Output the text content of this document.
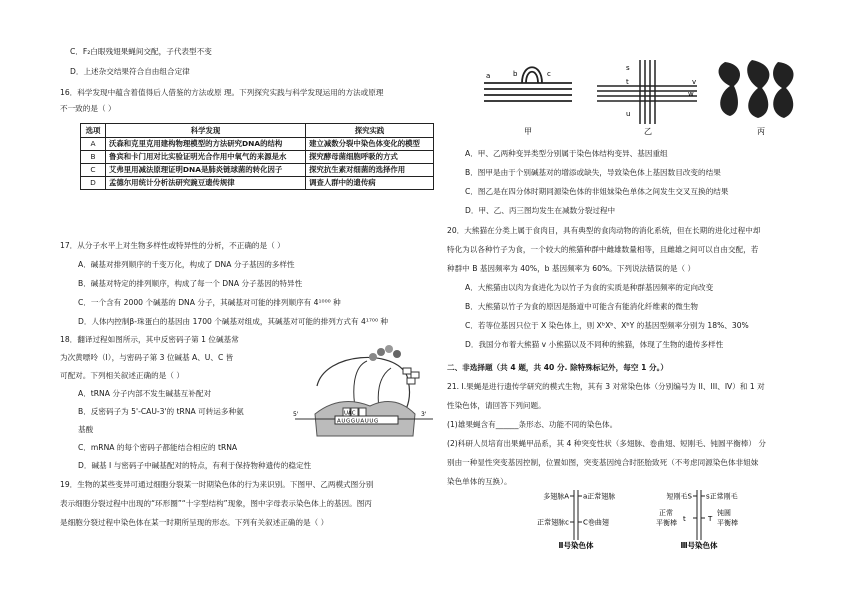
C．F₂白眼残翅果蝇间交配，子代表型不变
D．上述杂交结果符合自由组合定律
16．科学发现中蕴含着值得后人借鉴的方法或原 理。下列探究实践与科学发现运用的方法或原理
不一致的是（ ）
选项	科学发现	探究实践
A	沃森和克里克用建构物理模型的方法研究DNA的结构	建立减数分裂中染色体变化的模型
B	鲁宾和卡门用对比实验证明光合作用中氧气的来源是水	探究酵母菌细胞呼吸的方式
C	艾弗里用减法原理证明DNA是肺炎链球菌的转化因子	探究抗生素对细菌的选择作用
D	孟德尔用统计分析法研究豌豆遗传规律	调查人群中的遗传病
17．从分子水平上对生物多样性或特异性的分析，不正确的是（ ）
A．碱基对排列顺序的千变万化，构成了 DNA 分子基因的多样性
B．碱基对特定的排列顺序，构成了每一个 DNA 分子基因的特异性
C．一个含有 2000 个碱基的 DNA 分子，其碱基对可能的排列顺序有 4¹⁰⁰⁰ 种
D．人体内控制β-珠蛋白的基因由 1700 个碱基对组成，其碱基对可能的排列方式有 4¹⁷⁰⁰ 种
18．翻译过程如图所示，其中反密码子第 1 位碱基常
为次黄嘌呤（I），与密码子第 3 位碱基 A、U、C 皆
可配对。下列相关叙述正确的是（ ）
A．tRNA 分子内部不发生碱基互补配对
B．反密码子为 5'-CAU-3'的 tRNA 可转运多种氨
基酸
C．mRNA 的每个密码子都能结合相应的 tRNA
D．碱基 I 与密码子中碱基配对的特点，有利于保持物种遗传的稳定性
19．生物的某些变异可通过细胞分裂某一时期染色体的行为来识别。下图甲、乙两模式图分别
表示细胞分裂过程中出现的“环形圈”“十字型结构”现象，图中字母表示染色体上的基因。图丙
是细胞分裂过程中染色体在某一时期所呈现的形态。下列有关叙述正确的是（ ）
UAC
AUGGUAUUG
3'
5'
a	b	c
甲
s
t
u
v
w
乙	丙
A．甲、乙两种变异类型分别属于染色体结构变异、基因重组
B．图甲是由于个别碱基对的增添或缺失，导致染色体上基因数目改变的结果
C．图乙是在四分体时期同源染色体的非姐妹染色单体之间发生交叉互换的结果
D．甲、乙、丙三图均发生在减数分裂过程中
20．大熊猫在分类上属于食肉目，具有典型的食肉动物的消化系统，但在长期的进化过程中却
特化为以各种竹子为食，一个较大的熊猫种群中雌雄数量相等，且雌雄之间可以自由交配，若
种群中 B 基因频率为 40%，b 基因频率为 60%。下列说法错误的是（ ）
A．大熊猫由以肉为食进化为以竹子为食的实质是种群基因频率的定向改变
B．大熊猫以竹子为食的原因是肠道中可能含有能消化纤维素的微生物
C．若等位基因只位于 X 染色体上，则 XᵇXᵇ、XᵇY 的基因型频率分别为 18%、30%
D．我国分布着大熊猫 v 小熊猫以及不同种的熊猫，体现了生物的遗传多样性
二、非选择题（共 4 题，共 40 分. 除特殊标记外，每空 1 分。）
21. I.果蝇是进行遗传学研究的模式生物，其有 3 对常染色体（分别编号为 II、III、IV）和 1 对
性染色体，请回答下列问题。
(1)雄果蝇含有______条形态、功能不同的染色体。
(2)科研人员培育出果蝇甲品系，其 4 种突变性状（多翅脉、卷曲翅、短刚毛、钝圆平衡棒） 分
别由一种显性突变基因控制，位置如图，突变基因纯合时胚胎致死（不考虑同源染色体非姐妹
染色单体的互换）。
多翅脉A a正常翅脉
正常翅脉c C卷曲翅
Ⅱ号染色体
短刚毛S s正常刚毛
正常
平衡棒 t	T
钝圆
平衡棒
Ⅲ号染色体
